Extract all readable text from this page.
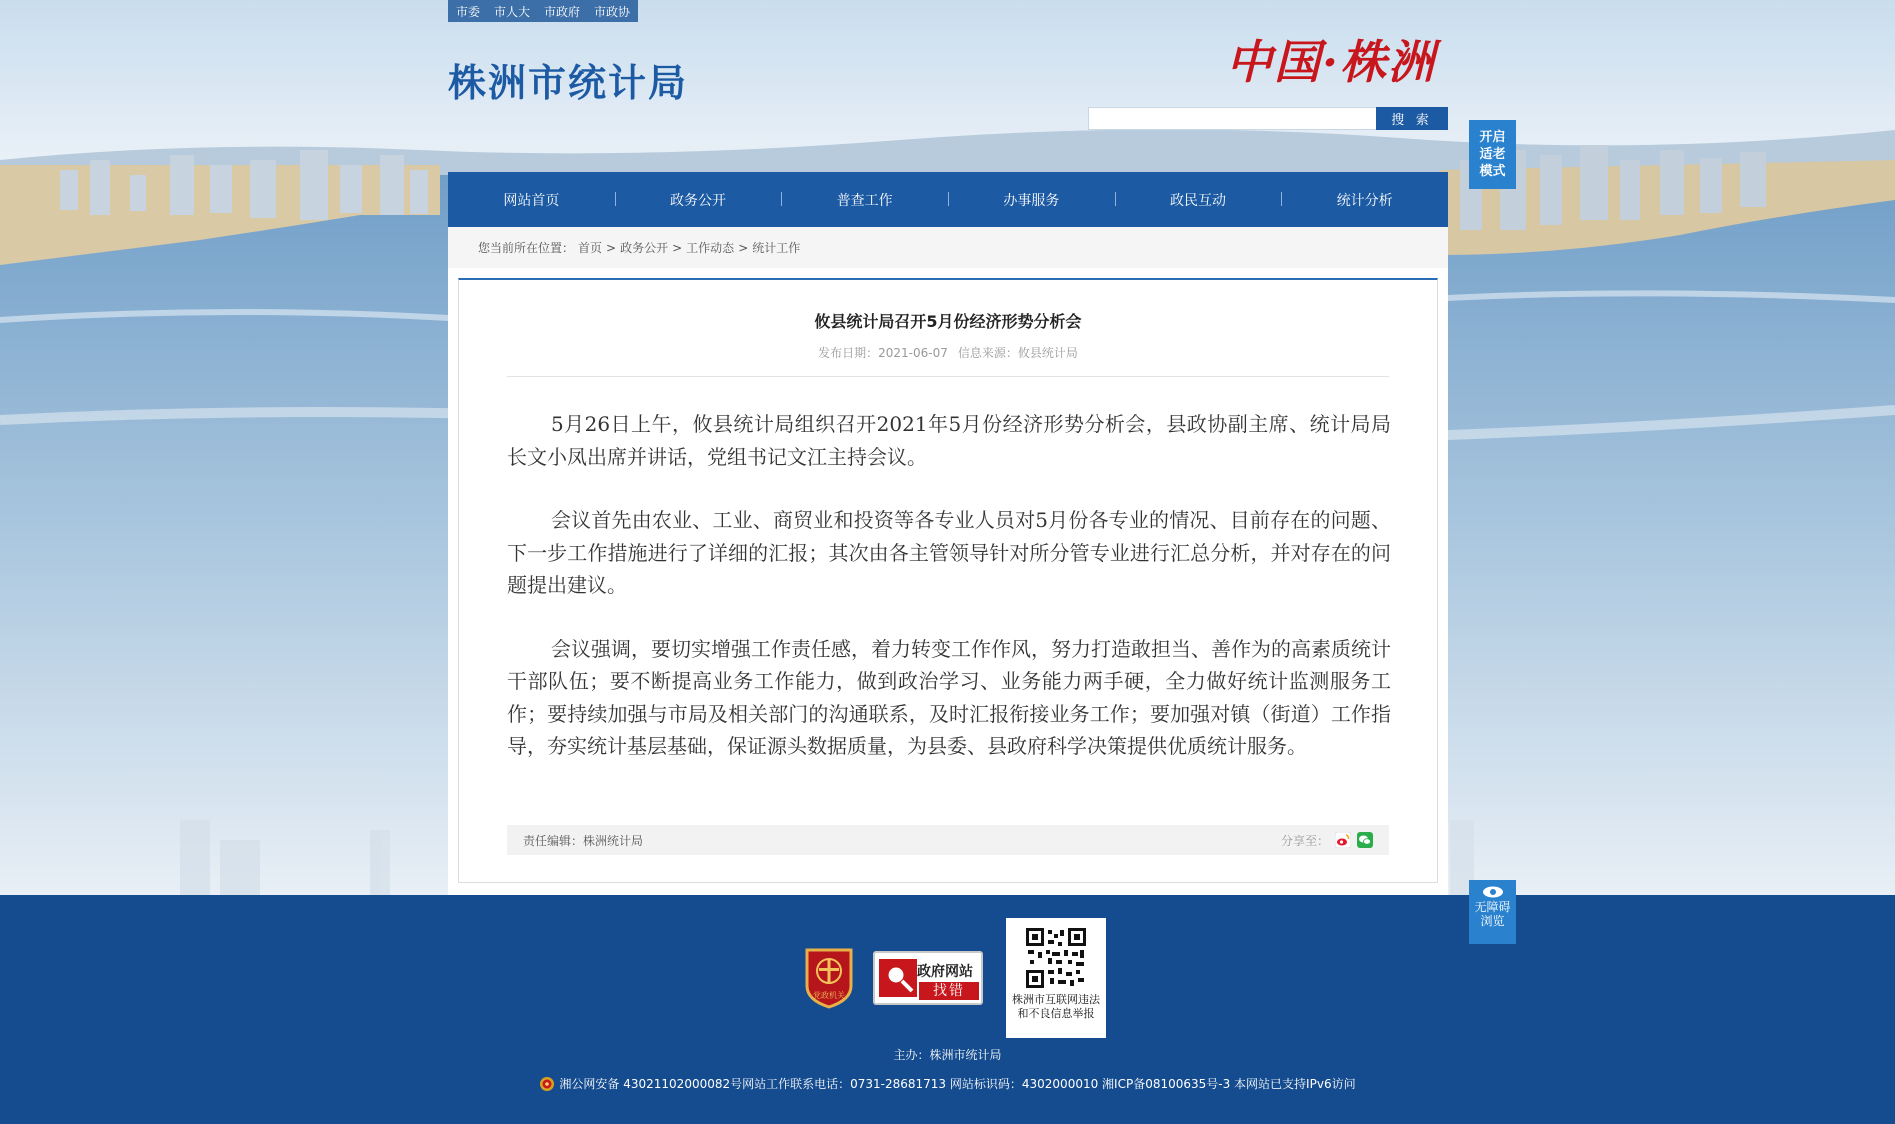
市委 市人大 市政府 市政协
株洲市统计局	中国·株洲
搜 索
开启
适老
模式
网站首页	政务公开	普查工作	办事服务	政民互动	统计分析
您当前所在位置： 首页 > 政务公开 > 工作动态 > 统计工作
攸县统计局召开5月份经济形势分析会
发布日期：2021-06-07 信息来源：攸县统计局

5月26日上午，攸县统计局组织召开2021年5月份经济形势分析会，县政协副主席、统计局局长文小凤出席并讲话，党组书记文江主持会议。

会议首先由农业、工业、商贸业和投资等各专业人员对5月份各专业的情况、目前存在的问题、下一步工作措施进行了详细的汇报；其次由各主管领导针对所分管专业进行汇总分析，并对存在的问题提出建议。

会议强调，要切实增强工作责任感，着力转变工作作风，努力打造敢担当、善作为的高素质统计干部队伍；要不断提高业务工作能力，做到政治学习、业务能力两手硬，全力做好统计监测服务工作；要持续加强与市局及相关部门的沟通联系，及时汇报衔接业务工作；要加强对镇（街道）工作指导，夯实统计基层基础，保证源头数据质量，为县委、县政府科学决策提供优质统计服务。

责任编辑：株洲统计局	分享至：
党政机关
政府网站
找错
株洲市互联网违法
和不良信息举报
主办：株洲市统计局
湘公网安备 43021102000082号网站工作联系电话：0731-28681713 网站标识码：4302000010 湘ICP备08100635号-3 本网站已支持IPv6访问
无障碍
浏览
